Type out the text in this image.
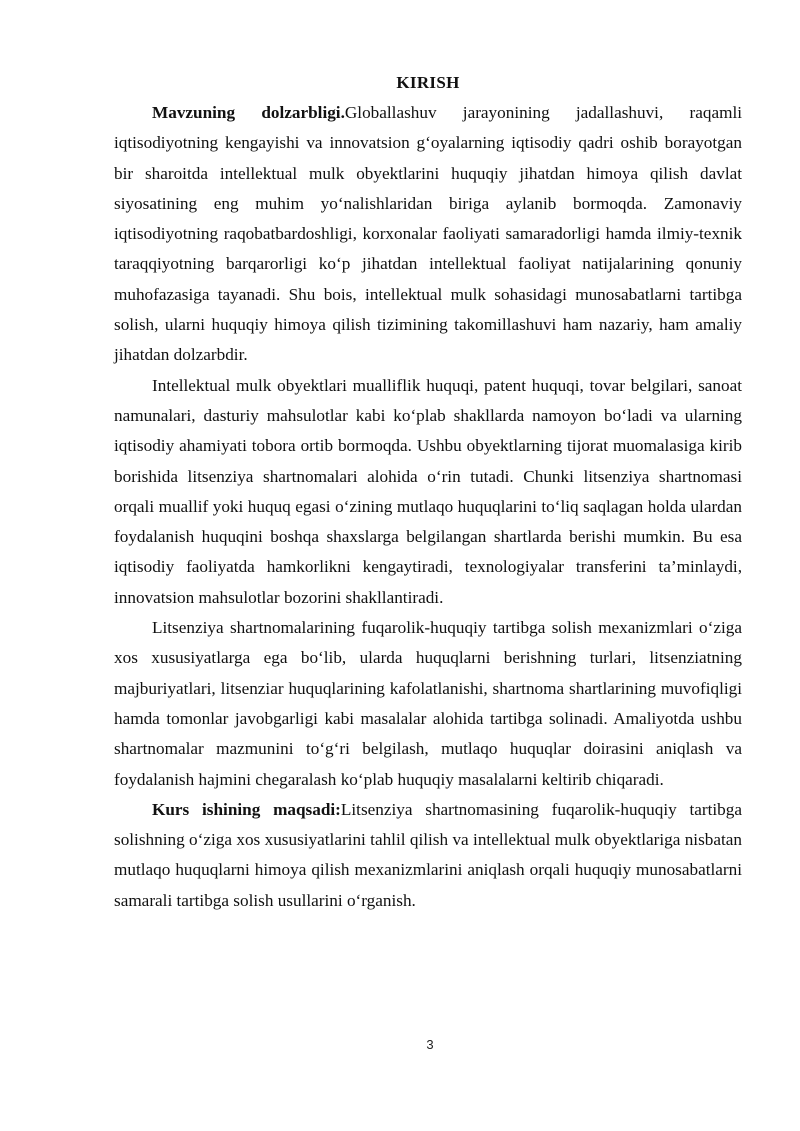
KIRISH

Mavzuning dolzarbligi.Globallashuv jarayonining jadallashuvi, raqamli iqtisodiyotning kengayishi va innovatsion g‘oyalarning iqtisodiy qadri oshib borayotgan bir sharoitda intellektual mulk obyektlarini huquqiy jihatdan himoya qilish davlat siyosatining eng muhim yo‘nalishlaridan biriga aylanib bormoqda. Zamonaviy iqtisodiyotning raqobatbardoshligi, korxonalar faoliyati samaradorligi hamda ilmiy-texnik taraqqiyotning barqarorligi ko‘p jihatdan intellektual faoliyat natijalarining qonuniy muhofazasiga tayanadi. Shu bois, intellektual mulk sohasidagi munosabatlarni tartibga solish, ularni huquqiy himoya qilish tizimining takomillashuvi ham nazariy, ham amaliy jihatdan dolzarbdir.

Intellektual mulk obyektlari mualliflik huquqi, patent huquqi, tovar belgilari, sanoat namunalari, dasturiy mahsulotlar kabi ko‘plab shakllarda namoyon bo‘ladi va ularning iqtisodiy ahamiyati tobora ortib bormoqda. Ushbu obyektlarning tijorat muomalasiga kirib borishida litsenziya shartnomalari alohida o‘rin tutadi. Chunki litsenziya shartnomasi orqali muallif yoki huquq egasi o‘zining mutlaqo huquqlarini to‘liq saqlagan holda ulardan foydalanish huquqini boshqa shaxslarga belgilangan shartlarda berishi mumkin. Bu esa iqtisodiy faoliyatda hamkorlikni kengaytiradi, texnologiyalar transferini ta’minlaydi, innovatsion mahsulotlar bozorini shakllantiradi.

Litsenziya shartnomalarining fuqarolik-huquqiy tartibga solish mexanizmlari o‘ziga xos xususiyatlarga ega bo‘lib, ularda huquqlarni berishning turlari, litsenziatning majburiyatlari, litsenziar huquqlarining kafolatlanishi, shartnoma shartlarining muvofiqligi hamda tomonlar javobgarligi kabi masalalar alohida tartibga solinadi. Amaliyotda ushbu shartnomalar mazmunini to‘g‘ri belgilash, mutlaqo huquqlar doirasini aniqlash va foydalanish hajmini chegaralash ko‘plab huquqiy masalalarni keltirib chiqaradi.

Kurs ishining maqsadi:Litsenziya shartnomasining fuqarolik-huquqiy tartibga solishning o‘ziga xos xususiyatlarini tahlil qilish va intellektual mulk obyektlariga nisbatan mutlaqo huquqlarni himoya qilish mexanizmlarini aniqlash orqali huquqiy munosabatlarni samarali tartibga solish usullarini o‘rganish.

3
